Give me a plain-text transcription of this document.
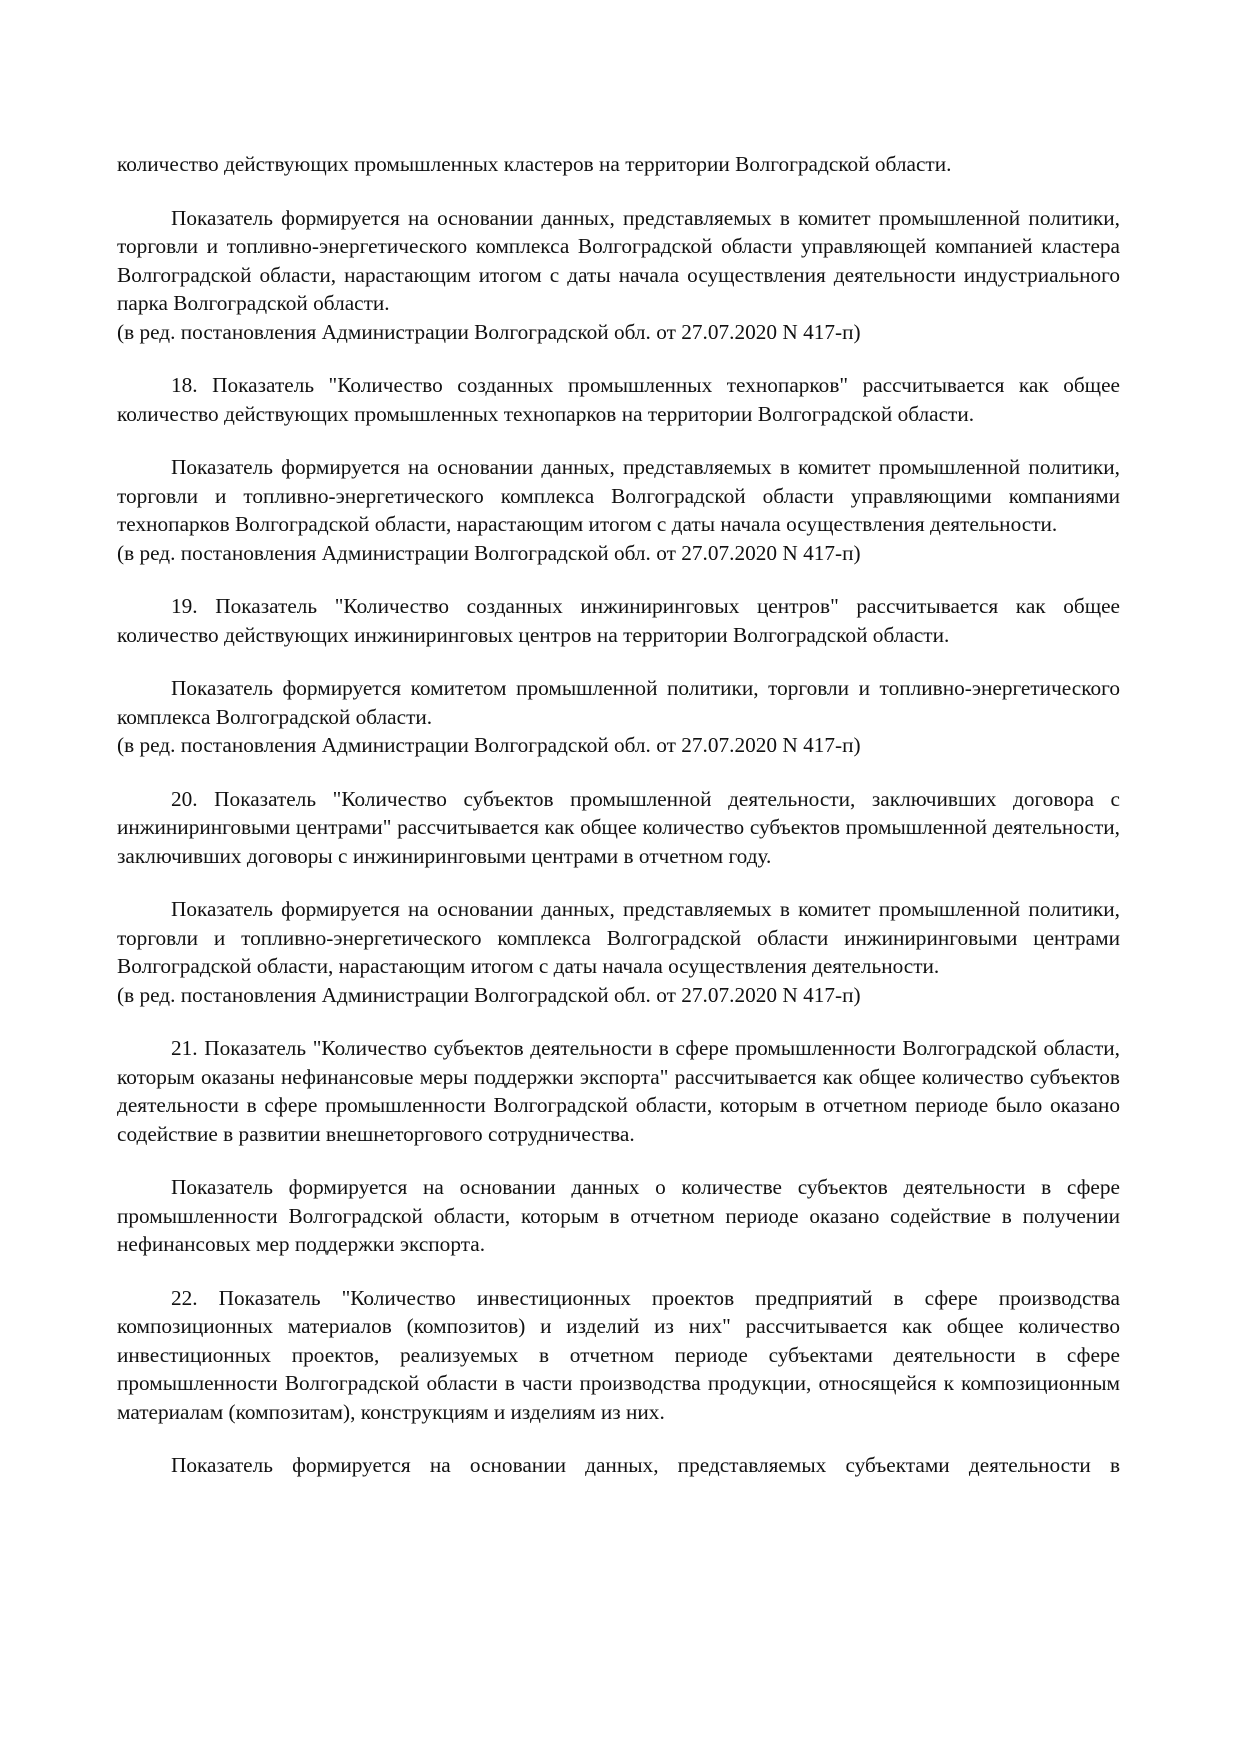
количество действующих промышленных кластеров на территории Волгоградской области.

Показатель формируется на основании данных, представляемых в комитет промышленной политики, торговли и топливно-энергетического комплекса Волгоградской области управляющей компанией кластера Волгоградской области, нарастающим итогом с даты начала осуществления деятельности индустриального парка Волгоградской области.

(в ред. постановления Администрации Волгоградской обл. от 27.07.2020 N 417-п)

18. Показатель "Количество созданных промышленных технопарков" рассчитывается как общее количество действующих промышленных технопарков на территории Волгоградской области.

Показатель формируется на основании данных, представляемых в комитет промышленной политики, торговли и топливно-энергетического комплекса Волгоградской области управляющими компаниями технопарков Волгоградской области, нарастающим итогом с даты начала осуществления деятельности.

(в ред. постановления Администрации Волгоградской обл. от 27.07.2020 N 417-п)

19. Показатель "Количество созданных инжиниринговых центров" рассчитывается как общее количество действующих инжиниринговых центров на территории Волгоградской области.

Показатель формируется комитетом промышленной политики, торговли и топливно-энергетического комплекса Волгоградской области.

(в ред. постановления Администрации Волгоградской обл. от 27.07.2020 N 417-п)

20. Показатель "Количество субъектов промышленной деятельности, заключивших договора с инжиниринговыми центрами" рассчитывается как общее количество субъектов промышленной деятельности, заключивших договоры с инжиниринговыми центрами в отчетном году.

Показатель формируется на основании данных, представляемых в комитет промышленной политики, торговли и топливно-энергетического комплекса Волгоградской области инжиниринговыми центрами Волгоградской области, нарастающим итогом с даты начала осуществления деятельности.

(в ред. постановления Администрации Волгоградской обл. от 27.07.2020 N 417-п)

21. Показатель "Количество субъектов деятельности в сфере промышленности Волгоградской области, которым оказаны нефинансовые меры поддержки экспорта" рассчитывается как общее количество субъектов деятельности в сфере промышленности Волгоградской области, которым в отчетном периоде было оказано содействие в развитии внешнеторгового сотрудничества.

Показатель формируется на основании данных о количестве субъектов деятельности в сфере промышленности Волгоградской области, которым в отчетном периоде оказано содействие в получении нефинансовых мер поддержки экспорта.

22. Показатель "Количество инвестиционных проектов предприятий в сфере производства композиционных материалов (композитов) и изделий из них" рассчитывается как общее количество инвестиционных проектов, реализуемых в отчетном периоде субъектами деятельности в сфере промышленности Волгоградской области в части производства продукции, относящейся к композиционным материалам (композитам), конструкциям и изделиям из них.

Показатель формируется на основании данных, представляемых субъектами деятельности в
